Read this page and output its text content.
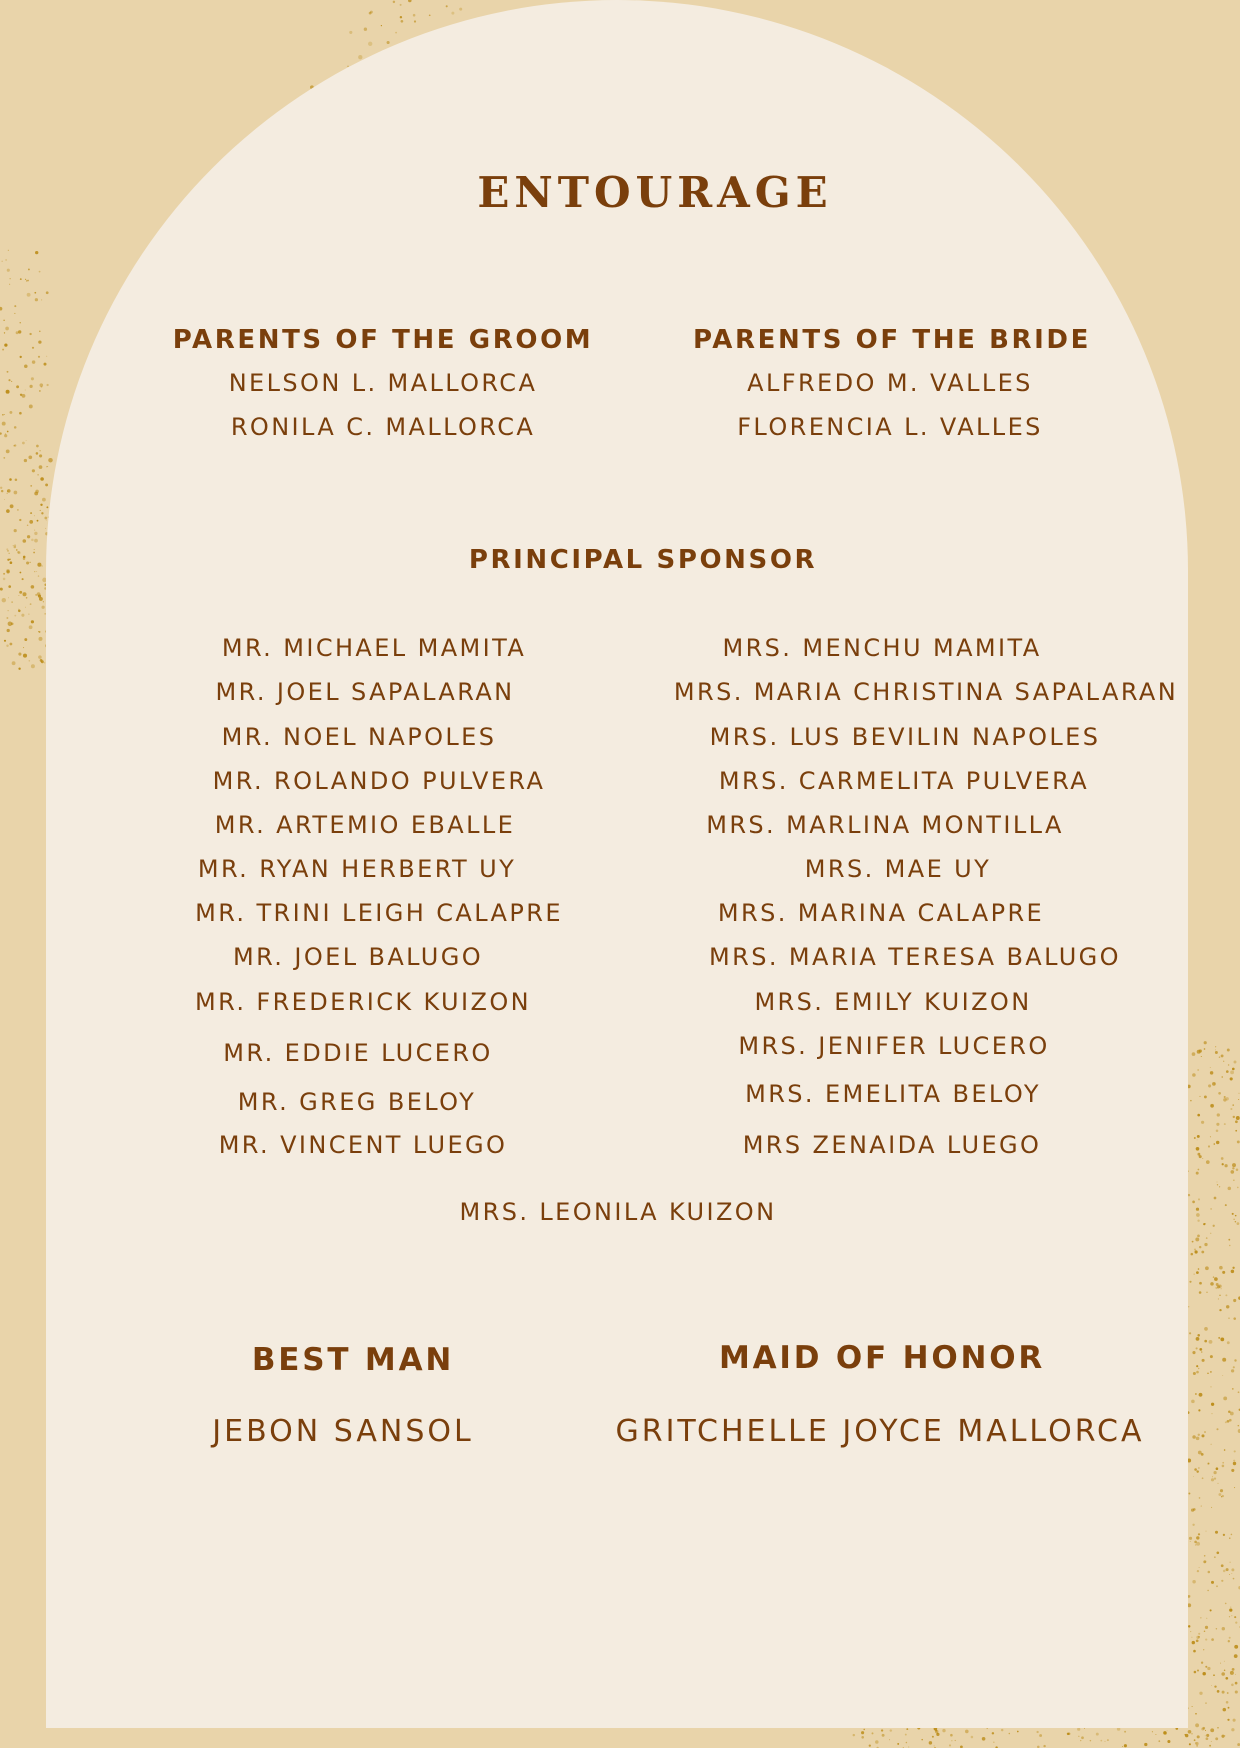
ENTOURAGE
PARENTS OF THE GROOM
NELSON L. MALLORCA
RONILA C. MALLORCA
PARENTS OF THE BRIDE
ALFREDO M. VALLES
FLORENCIA L. VALLES
PRINCIPAL SPONSOR
MR. MICHAEL MAMITA
MR. JOEL SAPALARAN
MR. NOEL NAPOLES
MR. ROLANDO PULVERA
MR. ARTEMIO EBALLE
MR. RYAN HERBERT UY
MR. TRINI LEIGH CALAPRE
MR. JOEL BALUGO
MR. FREDERICK KUIZON
MR. EDDIE LUCERO
MR. GREG BELOY
MR. VINCENT LUEGO
MRS. MENCHU MAMITA
MRS. MARIA CHRISTINA SAPALARAN
MRS. LUS BEVILIN NAPOLES
MRS. CARMELITA PULVERA
MRS. MARLINA MONTILLA
MRS. MAE UY
MRS. MARINA CALAPRE
MRS. MARIA TERESA BALUGO
MRS. EMILY KUIZON
MRS. JENIFER LUCERO
MRS. EMELITA BELOY
MRS ZENAIDA LUEGO
MRS. LEONILA KUIZON
BEST MAN
JEBON SANSOL
MAID OF HONOR
GRITCHELLE JOYCE MALLORCA
